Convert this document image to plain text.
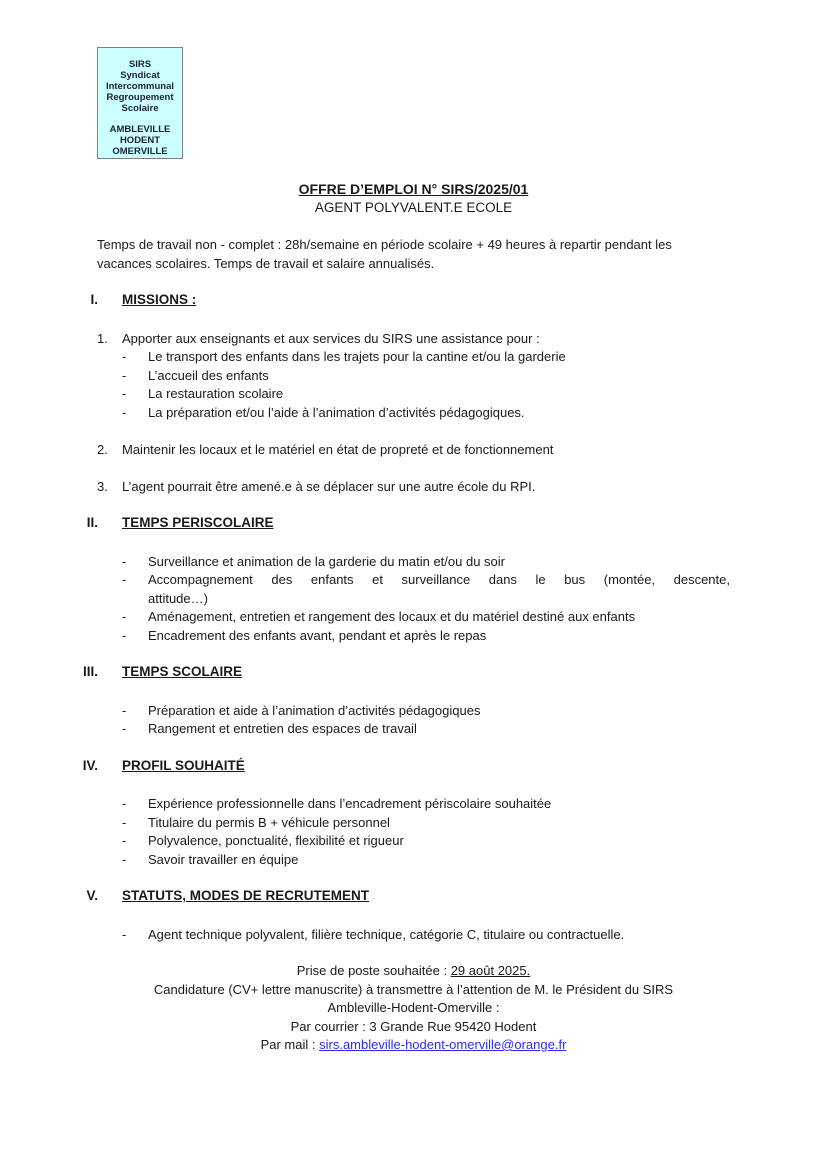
SIRS
Syndicat
Intercommunal
Regroupement
Scolaire
AMBLEVILLE
HODENT
OMERVILLE
OFFRE D’EMPLOI N° SIRS/2025/01
AGENT POLYVALENT.E ECOLE

Temps de travail non - complet : 28h/semaine en période scolaire + 49 heures à repartir pendant les vacances scolaires. Temps de travail et salaire annualisés.

I. MISSIONS :
1.	Apporter aux enseignants et aux services du SIRS une assistance pour :
-	Le transport des enfants dans les trajets pour la cantine et/ou la garderie
-	L’accueil des enfants
-	La restauration scolaire
-	La préparation et/ou l’aide à l’animation d’activités pédagogiques.
2.	Maintenir les locaux et le matériel en état de propreté et de fonctionnement
3.	L’agent pourrait être amené.e à se déplacer sur une autre école du RPI.
II. TEMPS PERISCOLAIRE
-	Surveillance et animation de la garderie du matin et/ou du soir
-	Accompagnement des enfants et surveillance dans le bus (montée, descente,
attitude…)
-	Aménagement, entretien et rangement des locaux et du matériel destiné aux enfants
-	Encadrement des enfants avant, pendant et après le repas
III. TEMPS SCOLAIRE
-	Préparation et aide à l’animation d’activités pédagogiques
-	Rangement et entretien des espaces de travail
IV. PROFIL SOUHAITÉ
-	Expérience professionnelle dans l’encadrement périscolaire souhaitée
-	Titulaire du permis B + véhicule personnel
-	Polyvalence, ponctualité, flexibilité et rigueur
-	Savoir travailler en équipe
V. STATUTS, MODES DE RECRUTEMENT
-	Agent technique polyvalent, filière technique, catégorie C, titulaire ou contractuelle.
Prise de poste souhaitée : 29 août 2025.
Candidature (CV+ lettre manuscrite) à transmettre à l’attention de M. le Président du SIRS
Ambleville-Hodent-Omerville :
Par courrier : 3 Grande Rue 95420 Hodent
Par mail : sirs.ambleville-hodent-omerville@orange.fr
